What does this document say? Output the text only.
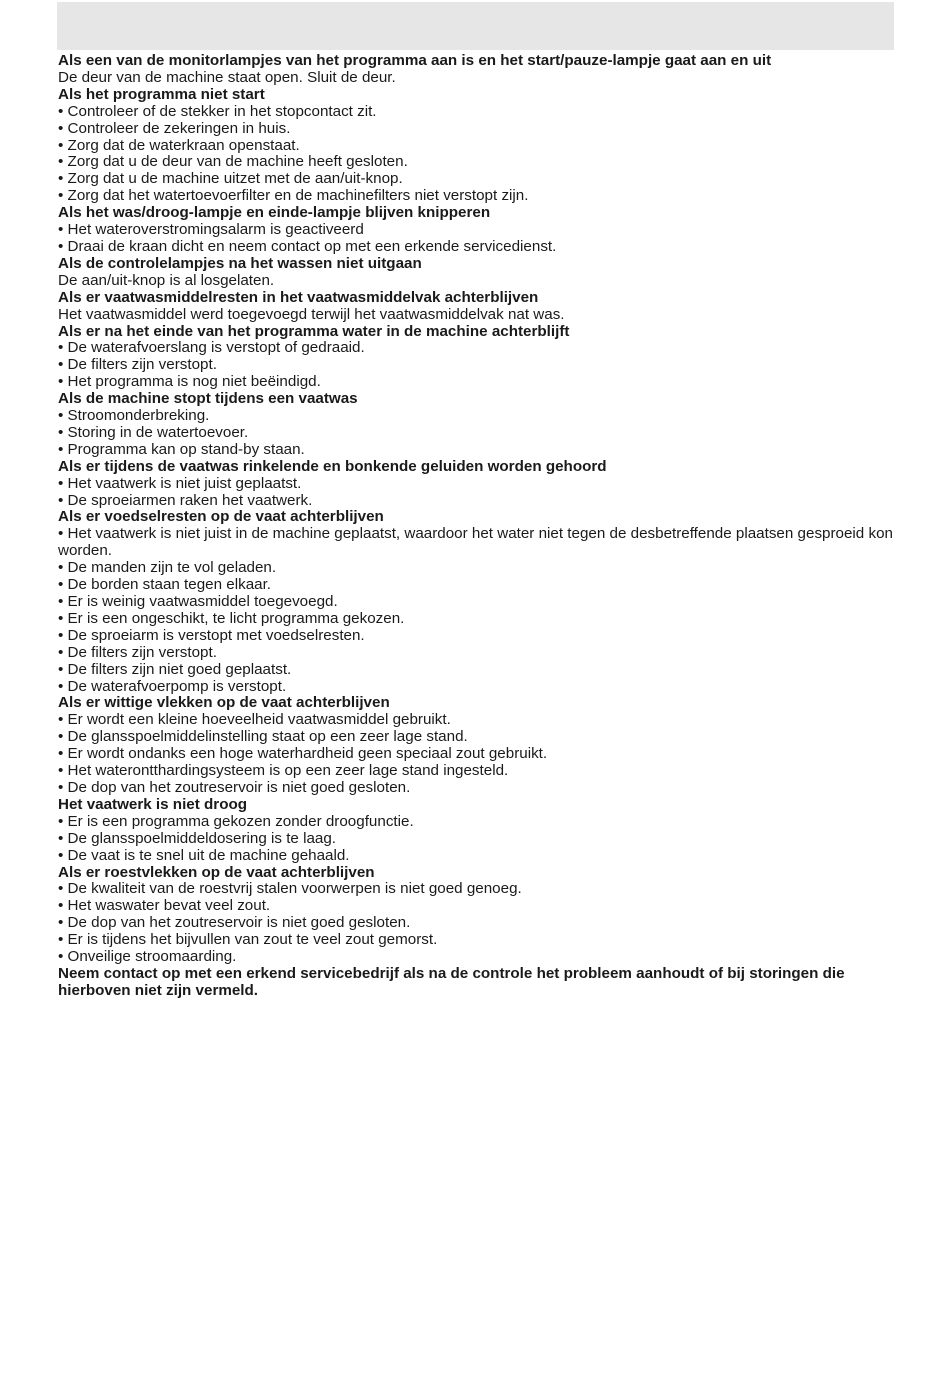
Als een van de monitorlampjes van het programma aan is en het start/pauze-lampje gaat aan en uit

De deur van de machine staat open. Sluit de deur.

Als het programma niet start

• Controleer of de stekker in het stopcontact zit.

• Controleer de zekeringen in huis.

• Zorg dat de waterkraan openstaat.

• Zorg dat u de deur van de machine heeft gesloten.

• Zorg dat u de machine uitzet met de aan/uit-knop.

• Zorg dat het watertoevoerfilter en de machinefilters niet verstopt zijn.

Als het was/droog-lampje en einde-lampje blijven knipperen

• Het wateroverstromingsalarm is geactiveerd

• Draai de kraan dicht en neem contact op met een erkende servicedienst.

Als de controlelampjes na het wassen niet uitgaan

De aan/uit-knop is al losgelaten.

Als er vaatwasmiddelresten in het vaatwasmiddelvak achterblijven

Het vaatwasmiddel werd toegevoegd terwijl het vaatwasmiddelvak nat was.

Als er na het einde van het programma water in de machine achterblijft

• De waterafvoerslang is verstopt of gedraaid.

• De filters zijn verstopt.

• Het programma is nog niet beëindigd.

Als de machine stopt tijdens een vaatwas

• Stroomonderbreking.

• Storing in de watertoevoer.

• Programma kan op stand-by staan.

Als er tijdens de vaatwas rinkelende en bonkende geluiden worden gehoord

• Het vaatwerk is niet juist geplaatst.

• De sproeiarmen raken het vaatwerk.

Als er voedselresten op de vaat achterblijven

• Het vaatwerk is niet juist in de machine geplaatst, waardoor het water niet tegen de desbetreffende plaatsen gesproeid kon worden.

• De manden zijn te vol geladen.

• De borden staan tegen elkaar.

• Er is weinig vaatwasmiddel toegevoegd.

• Er is een ongeschikt, te licht programma gekozen.

• De sproeiarm is verstopt met voedselresten.

• De filters zijn verstopt.

• De filters zijn niet goed geplaatst.

• De waterafvoerpomp is verstopt.

Als er wittige vlekken op de vaat achterblijven

• Er wordt een kleine hoeveelheid vaatwasmiddel gebruikt.

• De glansspoelmiddelinstelling staat op een zeer lage stand.

• Er wordt ondanks een hoge waterhardheid geen speciaal zout gebruikt.

• Het waterontthardingsysteem is op een zeer lage stand ingesteld.

• De dop van het zoutreservoir is niet goed gesloten.

Het vaatwerk is niet droog

• Er is een programma gekozen zonder droogfunctie.

• De glansspoelmiddeldosering is te laag.

• De vaat is te snel uit de machine gehaald.

Als er roestvlekken op de vaat achterblijven

• De kwaliteit van de roestvrij stalen voorwerpen is niet goed genoeg.

• Het waswater bevat veel zout.

• De dop van het zoutreservoir is niet goed gesloten.

• Er is tijdens het bijvullen van zout te veel zout gemorst.

• Onveilige stroomaarding.

Neem contact op met een erkend servicebedrijf als na de controle het probleem aanhoudt of bij storingen die hierboven niet zijn vermeld.
